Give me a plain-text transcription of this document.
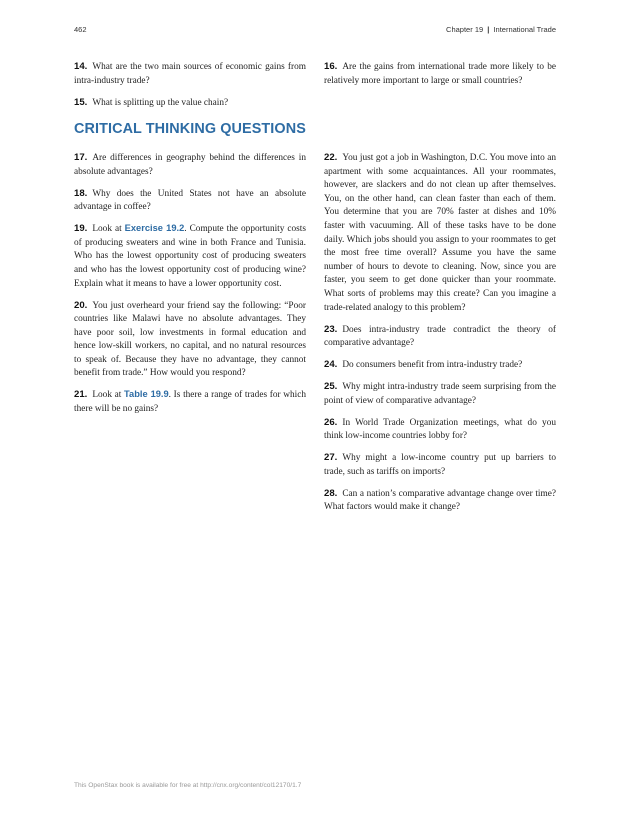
462	Chapter 19 | International Trade

14. What are the two main sources of economic gains from intra-industry trade?

15. What is splitting up the value chain?

16. Are the gains from international trade more likely to be relatively more important to large or small countries?

CRITICAL THINKING QUESTIONS

17. Are differences in geography behind the differences in absolute advantages?

18. Why does the United States not have an absolute advantage in coffee?

19. Look at Exercise 19.2. Compute the opportunity costs of producing sweaters and wine in both France and Tunisia. Who has the lowest opportunity cost of producing sweaters and who has the lowest opportunity cost of producing wine? Explain what it means to have a lower opportunity cost.

20. You just overheard your friend say the following: “Poor countries like Malawi have no absolute advantages. They have poor soil, low investments in formal education and hence low-skill workers, no capital, and no natural resources to speak of. Because they have no advantage, they cannot benefit from trade.” How would you respond?

21. Look at Table 19.9. Is there a range of trades for which there will be no gains?

22. You just got a job in Washington, D.C. You move into an apartment with some acquaintances. All your roommates, however, are slackers and do not clean up after themselves. You, on the other hand, can clean faster than each of them. You determine that you are 70% faster at dishes and 10% faster with vacuuming. All of these tasks have to be done daily. Which jobs should you assign to your roommates to get the most free time overall? Assume you have the same number of hours to devote to cleaning. Now, since you are faster, you seem to get done quicker than your roommate. What sorts of problems may this create? Can you imagine a trade-related analogy to this problem?

23. Does intra-industry trade contradict the theory of comparative advantage?

24. Do consumers benefit from intra-industry trade?

25. Why might intra-industry trade seem surprising from the point of view of comparative advantage?

26. In World Trade Organization meetings, what do you think low-income countries lobby for?

27. Why might a low-income country put up barriers to trade, such as tariffs on imports?

28. Can a nation’s comparative advantage change over time? What factors would make it change?

This OpenStax book is available for free at http://cnx.org/content/col12170/1.7
